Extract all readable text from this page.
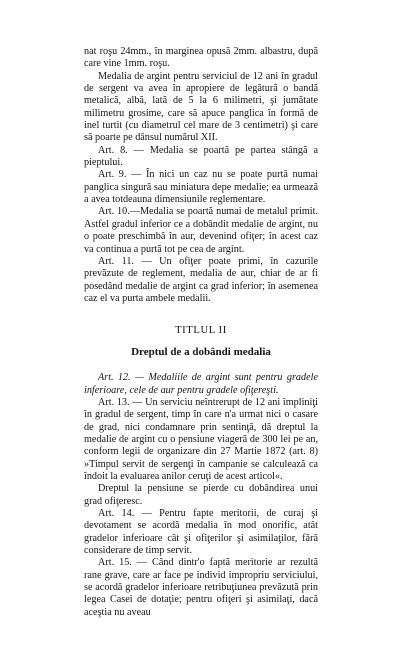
nat roşu 24mm., în marginea opusă 2mm. albastru, după care vine 1mm. roşu.

Medalia de argint pentru serviciul de 12 ani în gradul de sergent va avea în apropiere de legătură o bandă metalică, albă, lată de 5 la 6 milimetri, şi jumătate milimetru grosime, care să apuce panglica în formă de inel turtit (cu diametrul cel mare de 3 centimetri) şi care să poarte pe dânsul numărul XII.

Art. 8. — Medalia se poartă pe partea stângă a pieptului.

Art. 9. — În nici un caz nu se poate purtă numai panglica singură sau miniatura depe medalie; ea urmează a avea totdeauna dimensiunile reglementare.

Art. 10.—Medalia se poartă numai de metalul primit. Astfel gradul inferior ce a dobândit medalie de argint, nu o poate preschimbă în aur, devenind ofiţer; în acest caz va continua a purtă tot pe cea de argint.

Art. 11. — Un ofiţer poate primi, în cazurile prevăzute de reglement, medalia de aur, chiar de ar fi posedând medalie de argint ca grad inferior; în asemenea caz el va purta ambele medalii.

TITLUL II
Dreptul de a dobândi medalia

Art. 12. — Medaliile de argint sunt pentru gradele inferioare, cele de aur pentru gradele ofiţereşti.

Art. 13. — Un serviciu neîntrerupt de 12 ani împliniţi în gradul de sergent, timp în care n'a urmat nici o casare de grad, nici condamnare prin sentinţă, dă dreptul la medalie de argint cu o pensiune viageră de 300 lei pe an, conform legii de organizare din 27 Martie 1872 (art. 8) »Timpul servit de sergenţi în campanie se calculează ca îndoit la evaluarea anilor ceruţi de acest articol«.

Dreptul la pensiune se pierde cu dobândirea unui grad ofiţeresc.

Art. 14. — Pentru fapte meritorii, de curaj şi devotament se acordă medalia în mod onorific, atât gradelor inferioare cât şi ofiţerilor şi asimilaţilor, fără considerare de timp servit.

Art. 15. — Când dintr'o faptă meritorie ar rezultă rane grave, care ar face pe individ impropriu serviciului, se acordă gradelor inferioare retribuţiunea prevăzută prin legea Casei de dotaţie; pentru ofiţeri şi asimilaţi, dacă aceştia nu aveau
